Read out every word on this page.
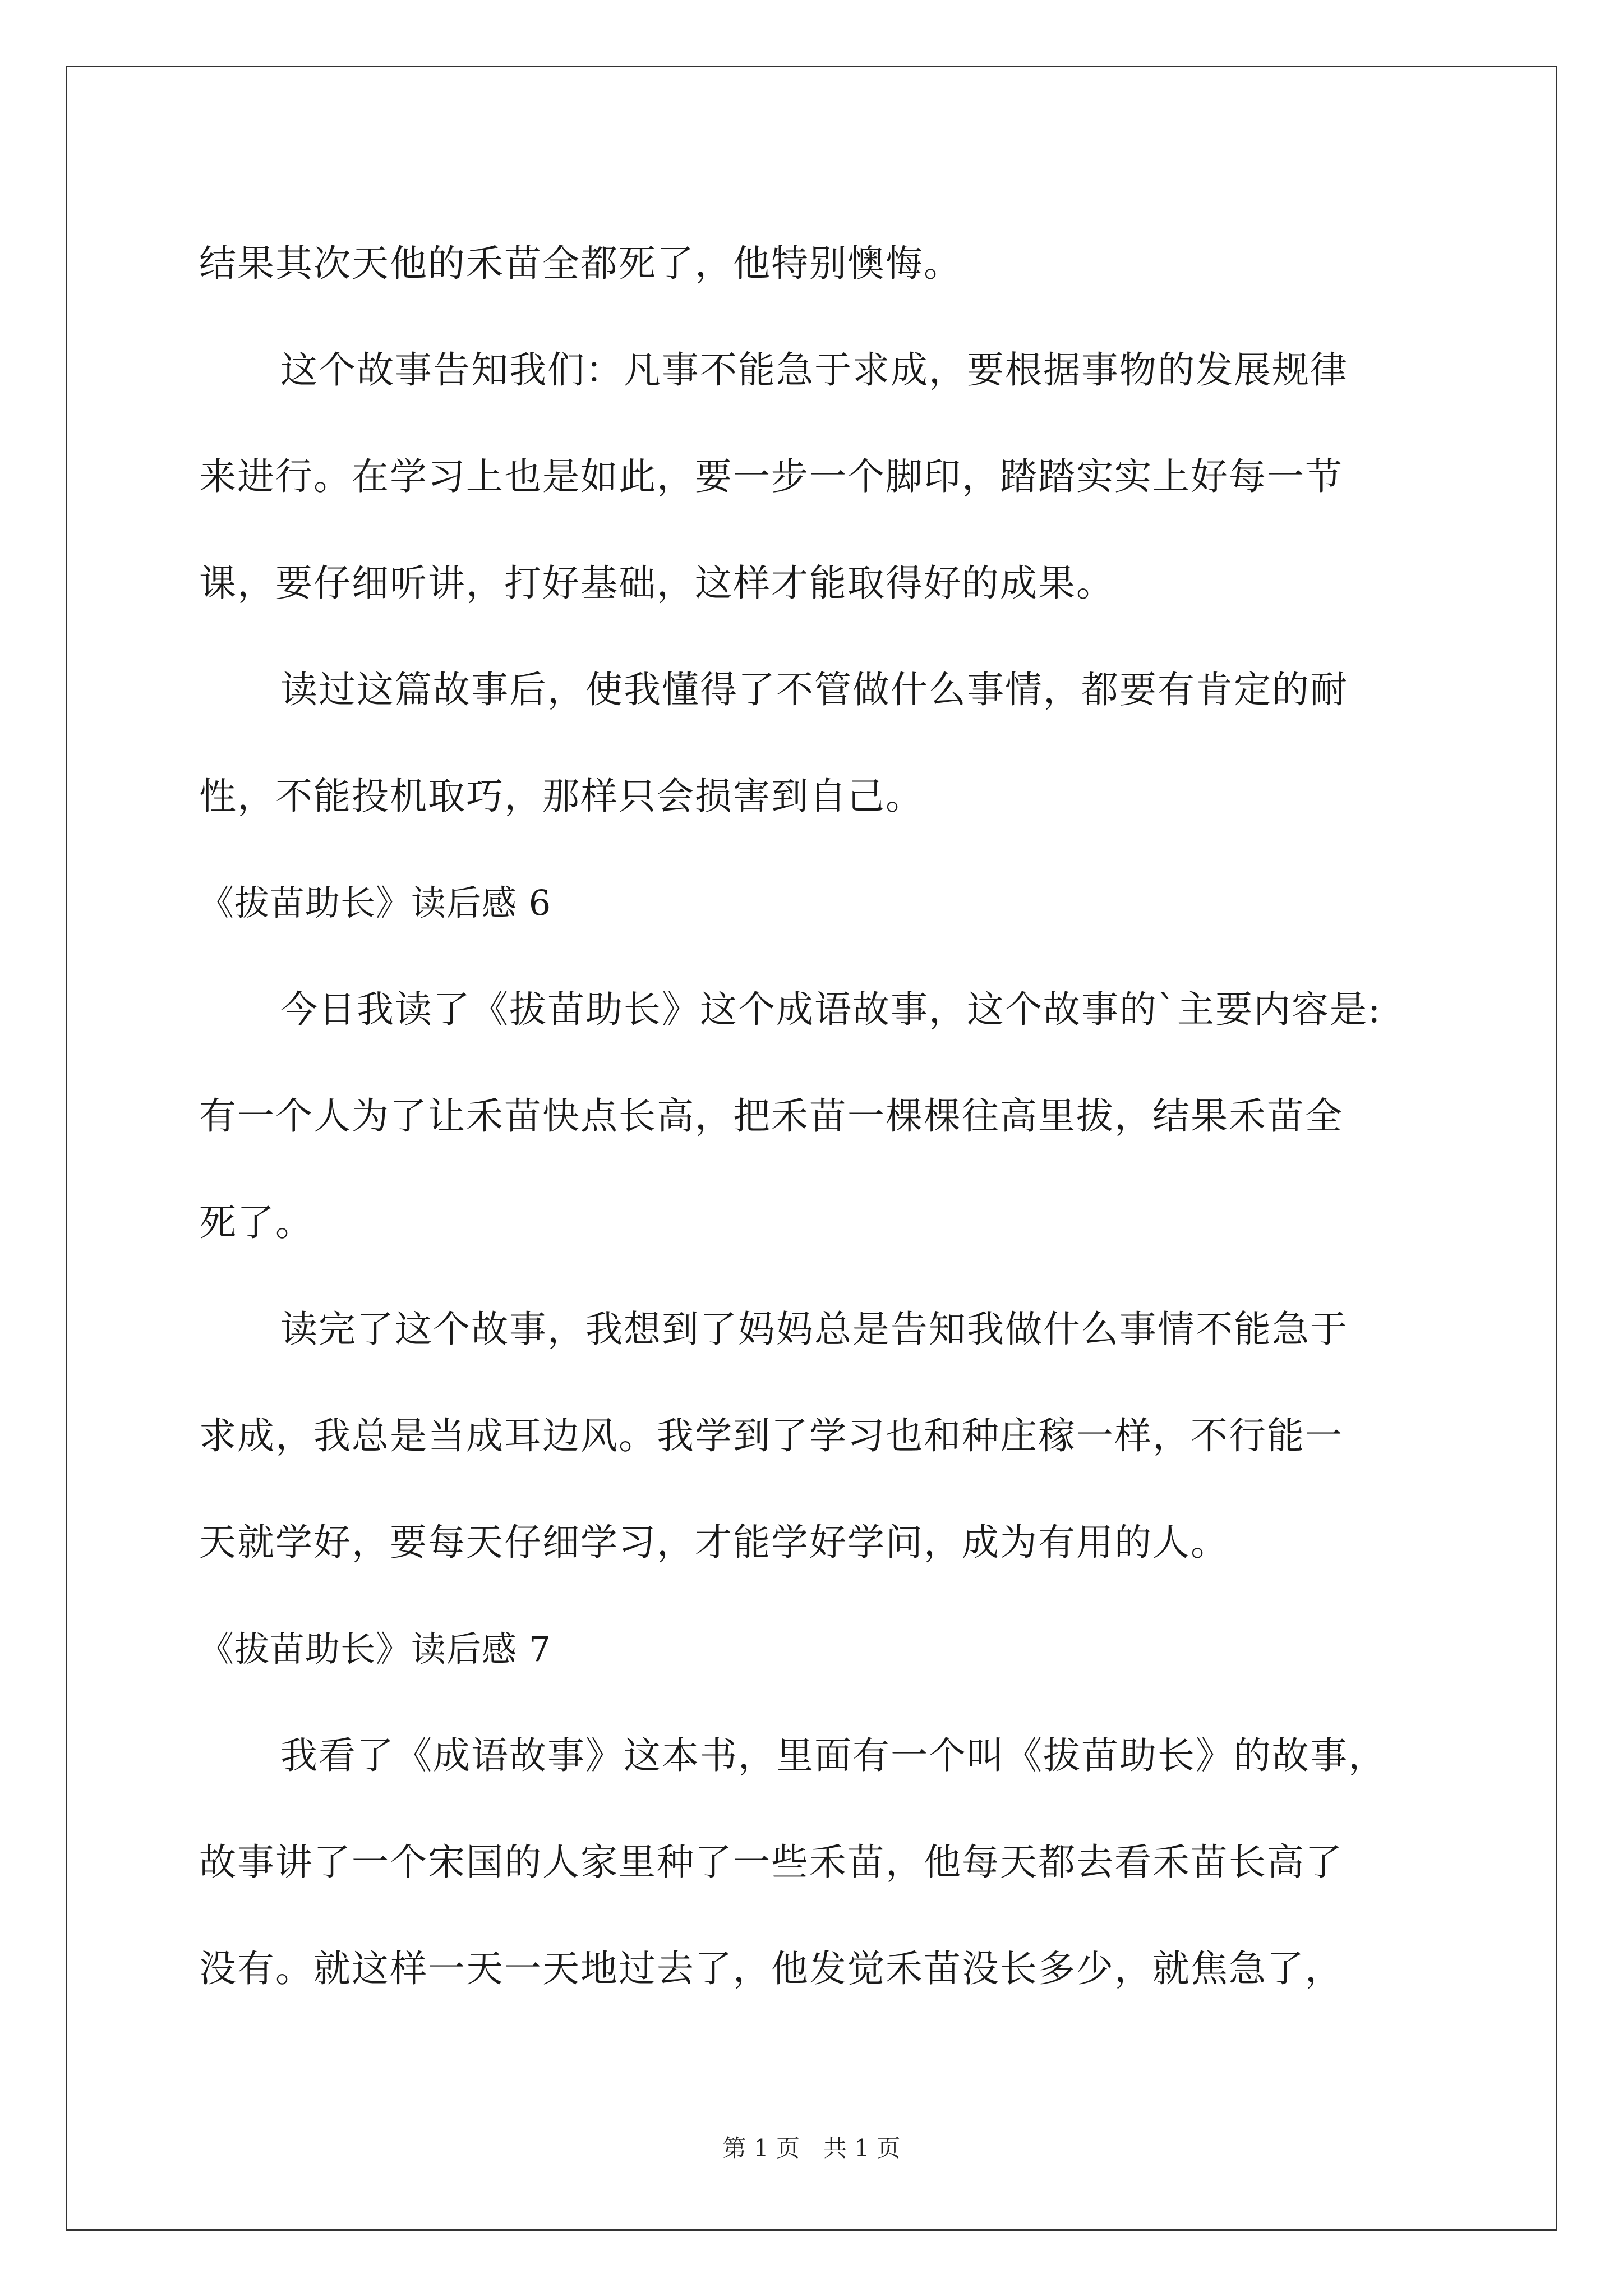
结果其次天他的禾苗全都死了，他特别懊悔。
这个故事告知我们：凡事不能急于求成，要根据事物的发展规律
来进行。在学习上也是如此，要一步一个脚印，踏踏实实上好每一节
课，要仔细听讲，打好基础，这样才能取得好的成果。
读过这篇故事后，使我懂得了不管做什么事情，都要有肯定的耐
性，不能投机取巧，那样只会损害到自己。
《拔苗助长》读后感 6
今日我读了《拔苗助长》这个成语故事，这个故事的`主要内容是:
有一个人为了让禾苗快点长高，把禾苗一棵棵往高里拔，结果禾苗全
死了。
读完了这个故事，我想到了妈妈总是告知我做什么事情不能急于
求成，我总是当成耳边风。我学到了学习也和种庄稼一样，不行能一
天就学好，要每天仔细学习，才能学好学问，成为有用的人。
《拔苗助长》读后感 7
我看了《成语故事》这本书，里面有一个叫《拔苗助长》的故事，
故事讲了一个宋国的人家里种了一些禾苗，他每天都去看禾苗长高了
没有。就这样一天一天地过去了，他发觉禾苗没长多少，就焦急了，
第 1 页　共 1 页
